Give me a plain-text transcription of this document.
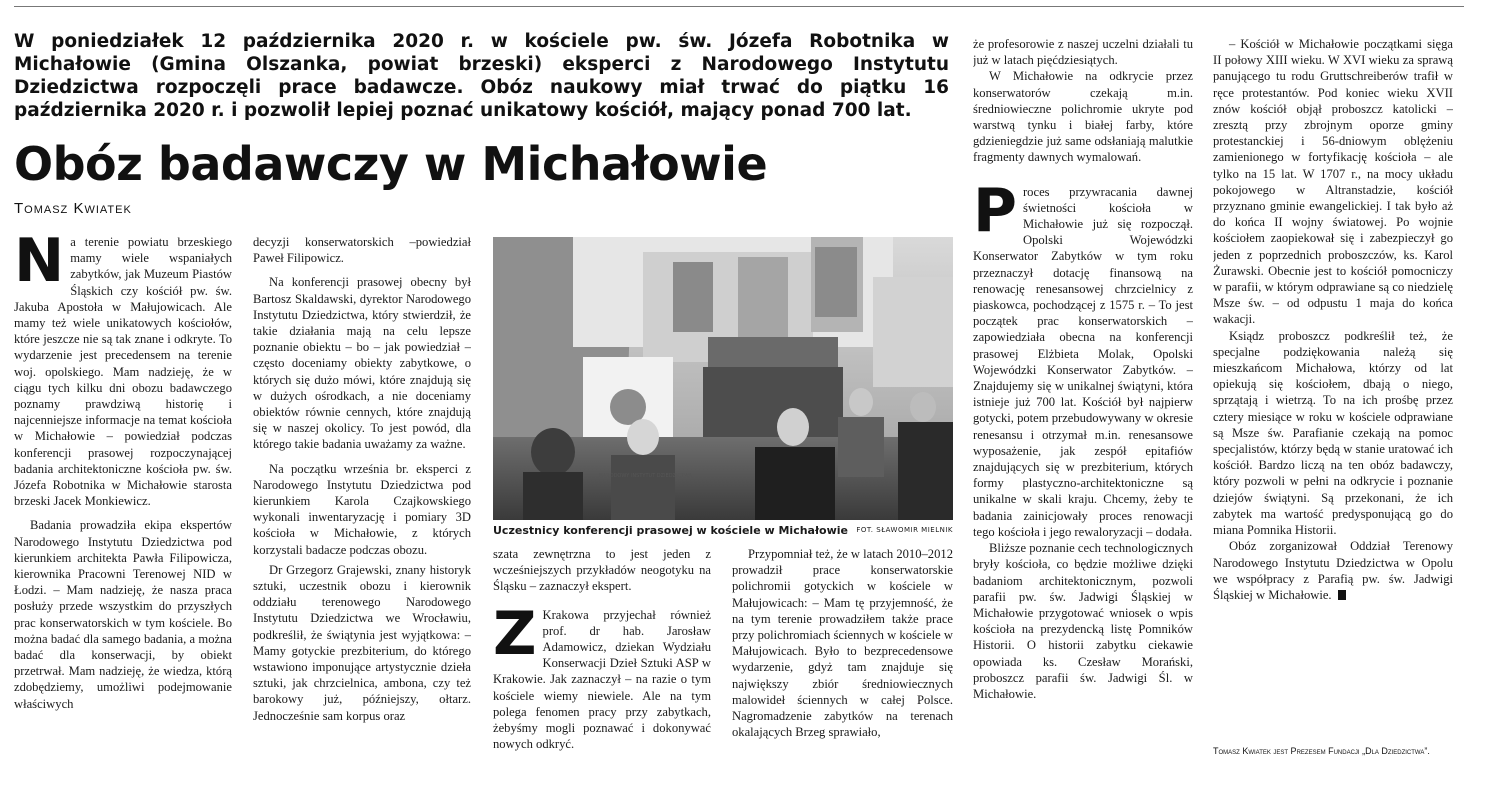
W poniedziałek 12 października 2020 r. w kościele pw. św. Józefa Robotnika w Michałowie (Gmina Olszanka, powiat brzeski) eksperci z Narodowego Instytutu Dziedzictwa rozpoczęli prace badawcze. Obóz naukowy miał trwać do piątku 16 października 2020 r. i pozwolił lepiej poznać unikatowy kościół, mający ponad 700 lat.

Obóz badawczy w Michałowie
Tomasz Kwiatek

Na terenie powiatu brzeskiego mamy wiele wspaniałych zabytków, jak Muzeum Piastów Śląskich czy kościół pw. św. Jakuba Apostoła w Małujowicach. Ale mamy też wiele unikatowych kościołów, które jeszcze nie są tak znane i odkryte. To wydarzenie jest precedensem na terenie woj. opolskiego. Mam nadzieję, że w ciągu tych kilku dni obozu badawczego poznamy prawdziwą historię i najcenniejsze informacje na temat kościoła w Michałowie – powiedział podczas konferencji prasowej rozpoczynającej badania architektoniczne kościoła pw. św. Józefa Robotnika w Michałowie starosta brzeski Jacek Monkiewicz.

Badania prowadziła ekipa ekspertów Narodowego Instytutu Dziedzictwa pod kierunkiem architekta Pawła Filipowicza, kierownika Pracowni Terenowej NID w Łodzi. – Mam nadzieję, że nasza praca posłuży przede wszystkim do przyszłych prac konserwatorskich w tym kościele. Bo można badać dla samego badania, a można badać dla konserwacji, by obiekt przetrwał. Mam nadzieję, że wiedza, którą zdobędziemy, umożliwi podejmowanie właściwych

decyzji konserwatorskich –powiedział Paweł Filipowicz.

Na konferencji prasowej obecny był Bartosz Skaldawski, dyrektor Narodowego Instytutu Dziedzictwa, który stwierdził, że takie działania mają na celu lepsze poznanie obiektu – bo – jak powiedział – często doceniamy obiekty zabytkowe, o których się dużo mówi, które znajdują się w dużych ośrodkach, a nie doceniamy obiektów równie cennych, które znajdują się w naszej okolicy. To jest powód, dla którego takie badania uważamy za ważne.

Na początku września br. eksperci z Narodowego Instytutu Dziedzictwa pod kierunkiem Karola Czajkowskiego wykonali inwentaryzację i pomiary 3D kościoła w Michałowie, z których korzystali badacze podczas obozu.

Dr Grzegorz Grajewski, znany historyk sztuki, uczestnik obozu i kierownik oddziału terenowego Narodowego Instytutu Dziedzictwa we Wrocławiu, podkreślił, że świątynia jest wyjątkowa: – Mamy gotyckie prezbiterium, do którego wstawiono imponujące artystycznie dzieła sztuki, jak chrzcielnica, ambona, czy też barokowy już, późniejszy, ołtarz. Jednocześnie sam korpus oraz

NARODOWY INSTYTUT DZIEDZICTWA
Uczestnicy konferencji prasowej w kościele w Michałowie FOT. SŁAWOMIR MIELNIK

szata zewnętrzna to jest jeden z wcześniejszych przykładów neogotyku na Śląsku – zaznaczył ekspert.

Z Krakowa przyjechał również prof. dr hab. Jarosław Adamowicz, dziekan Wydziału Konserwacji Dzieł Sztuki ASP w Krakowie. Jak zaznaczył – na razie o tym kościele wiemy niewiele. Ale na tym polega fenomen pracy przy zabytkach, żebyśmy mogli poznawać i dokonywać nowych odkryć.

Przypomniał też, że w latach 2010–2012 prowadził prace konserwatorskie polichromii gotyckich w kościele w Małujowicach: – Mam tę przyjemność, że na tym terenie prowadziłem także prace przy polichromiach ściennych w kościele w Małujowicach. Było to bezprecedensowe wydarzenie, gdyż tam znajduje się największy zbiór średniowiecznych malowideł ściennych w całej Polsce. Nagromadzenie zabytków na terenach okalających Brzeg sprawiało,

że profesorowie z naszej uczelni działali tu już w latach pięćdziesiątych.

W Michałowie na odkrycie przez konserwatorów czekają m.in. średniowieczne polichromie ukryte pod warstwą tynku i białej farby, które gdzieniegdzie już same odsłaniają malutkie fragmenty dawnych wymalowań.

Proces przywracania dawnej świetności kościoła w Michałowie już się rozpoczął. Opolski Wojewódzki Konserwator Zabytków w tym roku przeznaczył dotację finansową na renowację renesansowej chrzcielnicy z piaskowca, pochodzącej z 1575 r. – To jest początek prac konserwatorskich – zapowiedziała obecna na konferencji prasowej Elżbieta Molak, Opolski Wojewódzki Konserwator Zabytków. – Znajdujemy się w unikalnej świątyni, która istnieje już 700 lat. Kościół był najpierw gotycki, potem przebudowywany w okresie renesansu i otrzymał m.in. renesansowe wyposażenie, jak zespół epitafiów znajdujących się w prezbiterium, których formy plastyczno-architektoniczne są unikalne w skali kraju. Chcemy, żeby te badania zainicjowały proces renowacji tego kościoła i jego rewaloryzacji – dodała.

Bliższe poznanie cech technologicznych bryły kościoła, co będzie możliwe dzięki badaniom architektonicznym, pozwoli parafii pw. św. Jadwigi Śląskiej w Michałowie przygotować wniosek o wpis kościoła na prezydencką listę Pomników Historii. O historii zabytku ciekawie opowiada ks. Czesław Morański, proboszcz parafii św. Jadwigi Śl. w Michałowie.

– Kościół w Michałowie początkami sięga II połowy XIII wieku. W XVI wieku za sprawą panującego tu rodu Gruttschreiberów trafił w ręce protestantów. Pod koniec wieku XVII znów kościół objął proboszcz katolicki – zresztą przy zbrojnym oporze gminy protestanckiej i 56-dniowym oblężeniu zamienionego w fortyfikację kościoła – ale tylko na 15 lat. W 1707 r., na mocy układu pokojowego w Altranstadzie, kościół przyznano gminie ewangelickiej. I tak było aż do końca II wojny światowej. Po wojnie kościołem zaopiekował się i zabezpieczył go jeden z poprzednich proboszczów, ks. Karol Żurawski. Obecnie jest to kościół pomocniczy w parafii, w którym odprawiane są co niedzielę Msze św. – od odpustu 1 maja do końca wakacji.

Ksiądz proboszcz podkreślił też, że specjalne podziękowania należą się mieszkańcom Michałowa, którzy od lat opiekują się kościołem, dbają o niego, sprzątają i wietrzą. To na ich prośbę przez cztery miesiące w roku w kościele odprawiane są Msze św. Parafianie czekają na pomoc specjalistów, którzy będą w stanie uratować ich kościół. Bardzo liczą na ten obóz badawczy, który pozwoli w pełni na odkrycie i poznanie dziejów świątyni. Są przekonani, że ich zabytek ma wartość predysponującą go do miana Pomnika Historii.

Obóz zorganizował Oddział Terenowy Narodowego Instytutu Dziedzictwa w Opolu we współpracy z Parafią pw. św. Jadwigi Śląskiej w Michałowie.

Tomasz Kwiatek jest Prezesem Fundacji „Dla Dziedzictwa”.
